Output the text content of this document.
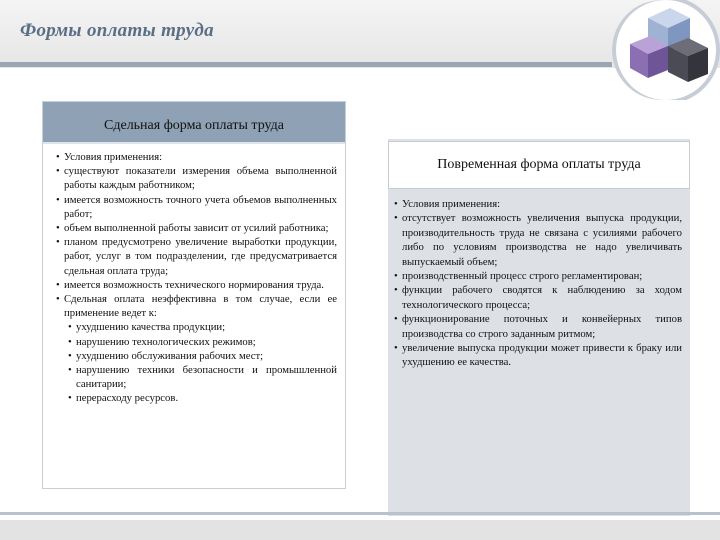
Формы оплаты труда
Сдельная форма оплаты труда
• Условия применения:
• существуют показатели измерения объема выполненной работы каждым работником;
• имеется возможность точного учета объемов выполненных работ;
• объем выполненной работы зависит от усилий работника;
• планом предусмотрено увеличение выработки продукции, работ, услуг в том подразделении, где предусматривается сдельная оплата труда;
• имеется возможность технического нормирования труда.
• Сдельная оплата неэффективна в том случае, если ее применение ведет к:
• ухудшению качества продукции;
• нарушению технологических режимов;
• ухудшению обслуживания рабочих мест;
• нарушению техники безопасности и промышленной санитарии;
• перерасходу ресурсов.
Повременная форма оплаты труда
• Условия применения:
• отсутствует возможность увеличения выпуска продукции, производительность труда не связана с усилиями рабочего либо по условиям производства не надо увеличивать выпускаемый объем;
• производственный процесс строго регламентирован;
• функции рабочего сводятся к наблюдению за ходом технологического процесса;
• функционирование поточных и конвейерных типов производства со строго заданным ритмом;
• увеличение выпуска продукции может привести к браку или ухудшению ее качества.
